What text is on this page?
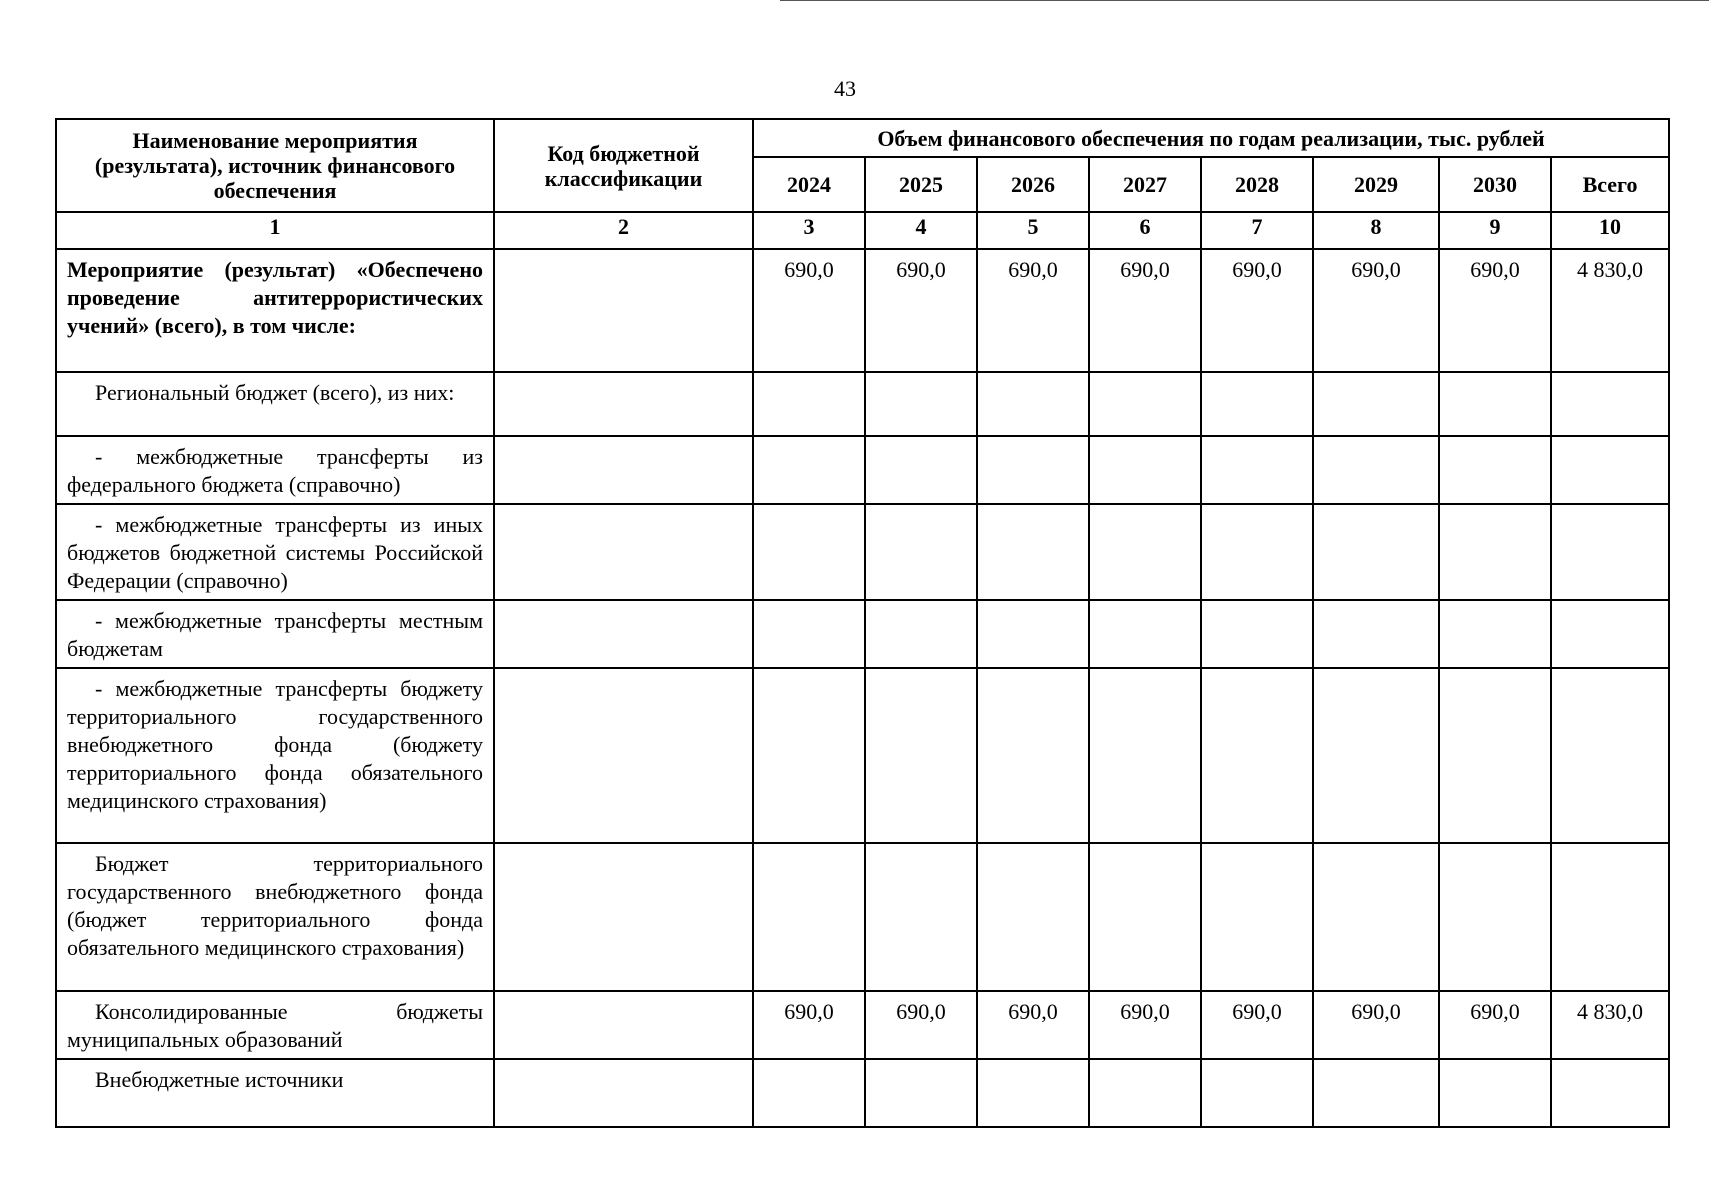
43
Наименование мероприятия (результата), источник финансового обеспечения	Код бюджетной классификации	Объем финансового обеспечения по годам реализации, тыс. рублей							
		2024	2025	2026	2027	2028	2029	2030	Всего
1	2	3	4	5	6	7	8	9	10
Мероприятие (результат) «Обеспечено проведение антитеррористических учений» (всего), в том числе:		690,0	690,0	690,0	690,0	690,0	690,0	690,0	4 830,0
Региональный бюджет (всего), из них:									
- межбюджетные трансферты из федерального бюджета (справочно)									
- межбюджетные трансферты из иных бюджетов бюджетной системы Российской Федерации (справочно)									
- межбюджетные трансферты местным бюджетам									
- межбюджетные трансферты бюджету территориального государственного внебюджетного фонда (бюджету территориального фонда обязательного медицинского страхования)									
Бюджет территориального государственного внебюджетного фонда (бюджет территориального фонда обязательного медицинского страхования)									
Консолидированные бюджеты муниципальных образований		690,0	690,0	690,0	690,0	690,0	690,0	690,0	4 830,0
Внебюджетные источники									
